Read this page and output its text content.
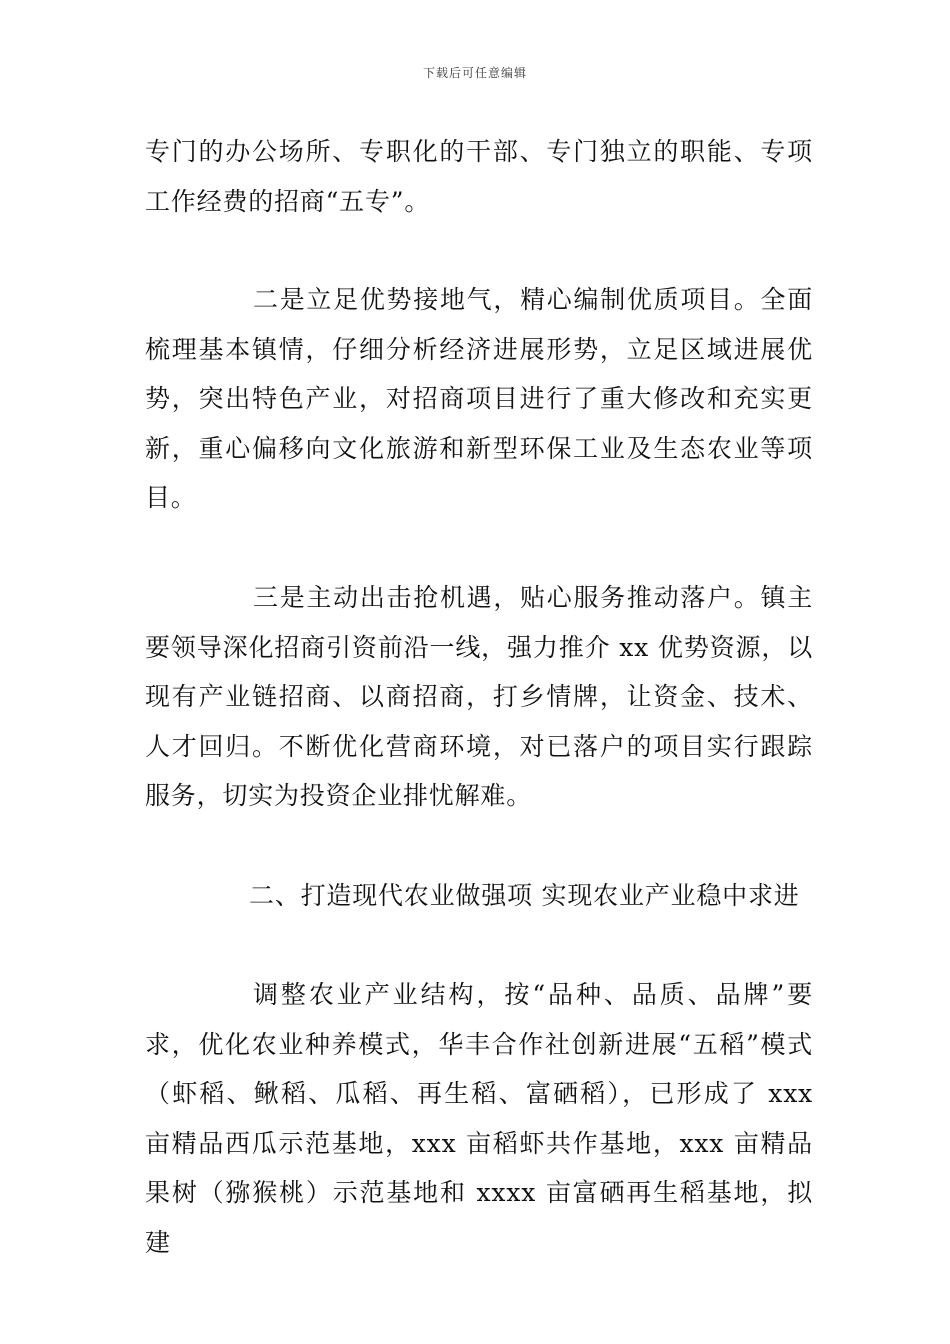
下载后可任意编辑

专门的办公场所、专职化的干部、专门独立的职能、专项工作经费的招商“五专”。

二是立足优势接地气，精心编制优质项目。全面梳理基本镇情，仔细分析经济进展形势，立足区域进展优势，突出特色产业，对招商项目进行了重大修改和充实更新，重心偏移向文化旅游和新型环保工业及生态农业等项目。

三是主动出击抢机遇，贴心服务推动落户。镇主要领导深化招商引资前沿一线，强力推介 xx 优势资源，以现有产业链招商、以商招商，打乡情牌，让资金、技术、人才回归。不断优化营商环境，对已落户的项目实行跟踪服务，切实为投资企业排忧解难。

二、打造现代农业做强项 实现农业产业稳中求进

调整农业产业结构，按“品种、品质、品牌”要求，优化农业种养模式，华丰合作社创新进展“五稻”模式（虾稻、鳅稻、瓜稻、再生稻、富硒稻），已形成了 xxx 亩精品西瓜示范基地，xxx 亩稻虾共作基地，xxx 亩精品果树（猕猴桃）示范基地和 xxxx 亩富硒再生稻基地，拟建
